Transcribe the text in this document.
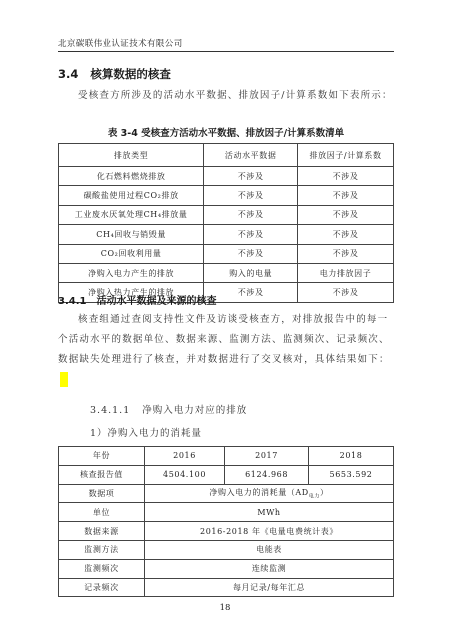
北京碳联伟业认证技术有限公司
3.4 核算数据的核查
受核查方所涉及的活动水平数据、排放因子/计算系数如下表所示：
表 3-4 受核查方活动水平数据、排放因子/计算系数清单
排放类型	活动水平数据	排放因子/计算系数
化石燃料燃烧排放	不涉及	不涉及
碳酸盐使用过程CO₂排放	不涉及	不涉及
工业废水厌氧处理CH₄排放量	不涉及	不涉及
CH₄回收与销毁量	不涉及	不涉及
CO₂回收利用量	不涉及	不涉及
净购入电力产生的排放	购入的电量	电力排放因子
净购入热力产生的排放	不涉及	不涉及
3.4.1 活动水平数据及来源的核查
核查组通过查阅支持性文件及访谈受核查方，对排放报告中的每一个活动水平的数据单位、数据来源、监测方法、监测频次、记录频次、数据缺失处理进行了核查，并对数据进行了交叉核对，具体结果如下：
3.4.1.1 净购入电力对应的排放
1）净购入电力的消耗量
年份	2016	2017	2018
核查报告值	4504.100	6124.968	5653.592
数据项	净购入电力的消耗量$(AD_{电力})$		
单位	MWh		
数据来源	2016-2018 年《电量电费统计表》		
监测方法	电能表		
监测频次	连续监测		
记录频次	每月记录/每年汇总		
18
